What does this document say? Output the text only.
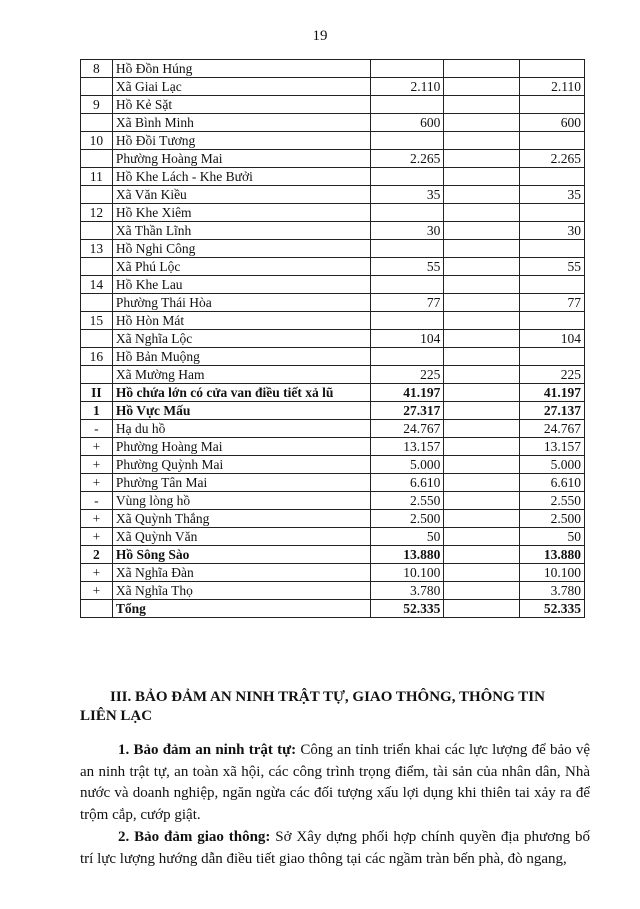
19
8	Hồ Đồn Húng			
	Xã Giai Lạc	2.110		2.110
9	Hồ Kẻ Sặt			
	Xã Bình Minh	600		600
10	Hồ Đồi Tương			
	Phường Hoàng Mai	2.265		2.265
11	Hồ Khe Lách - Khe Bưởi			
	Xã Văn Kiều	35		35
12	Hồ Khe Xiêm			
	Xã Thần Lĩnh	30		30
13	Hồ Nghi Công			
	Xã Phú Lộc	55		55
14	Hồ Khe Lau			
	Phường Thái Hòa	77		77
15	Hồ Hòn Mát			
	Xã Nghĩa Lộc	104		104
16	Hồ Bản Muộng			
	Xã Mường Ham	225		225
II	Hồ chứa lớn có cửa van điều tiết xả lũ	41.197		41.197
1	Hồ Vực Mấu	27.317		27.137
-	Hạ du hồ	24.767		24.767
+	Phường Hoàng Mai	13.157		13.157
+	Phường Quỳnh Mai	5.000		5.000
+	Phường Tân Mai	6.610		6.610
-	Vùng lòng hồ	2.550		2.550
+	Xã Quỳnh Thắng	2.500		2.500
+	Xã Quỳnh Văn	50		50
2	Hồ Sông Sào	13.880		13.880
+	Xã Nghĩa Đàn	10.100		10.100
+	Xã Nghĩa Thọ	3.780		3.780
	Tổng	52.335		52.335
III. BẢO ĐẢM AN NINH TRẬT TỰ, GIAO THÔNG, THÔNG TIN
LIÊN LẠC
1. Bảo đảm an ninh trật tự: Công an tỉnh triển khai các lực lượng để bảo vệ an ninh trật tự, an toàn xã hội, các công trình trọng điểm, tài sản của nhân dân, Nhà nước và doanh nghiệp, ngăn ngừa các đối tượng xấu lợi dụng khi thiên tai xảy ra để trộm cắp, cướp giật.
2. Bảo đảm giao thông: Sở Xây dựng phối hợp chính quyền địa phương bố trí lực lượng hướng dẫn điều tiết giao thông tại các ngầm tràn bến phà, đò ngang,
